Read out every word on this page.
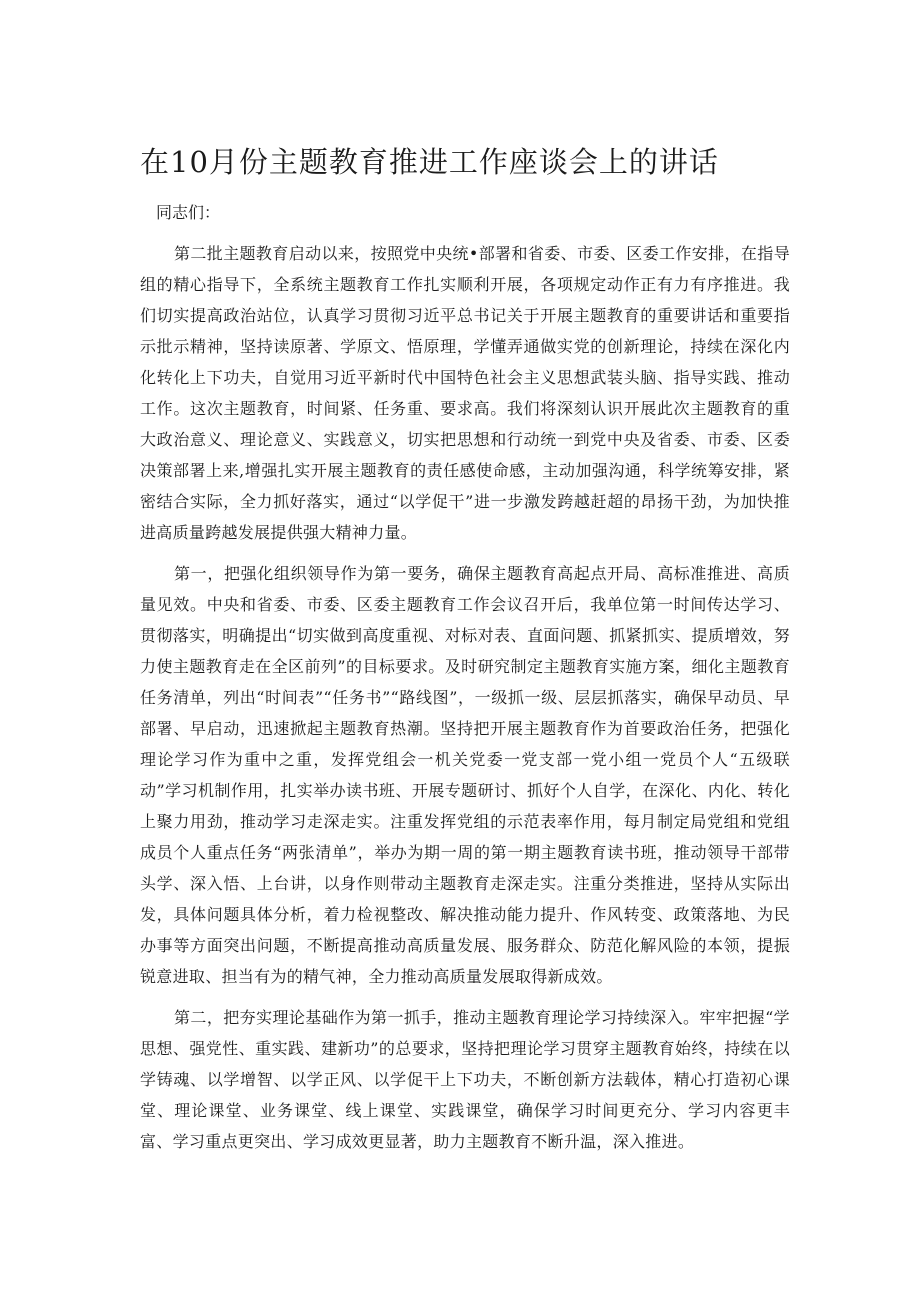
在10月份主题教育推进工作座谈会上的讲话

同志们：

第二批主题教育启动以来，按照党中央统•部署和省委、市委、区委工作安排，在指导组的精心指导下，全系统主题教育工作扎实顺利开展，各项规定动作正有力有序推进。我们切实提高政治站位，认真学习贯彻习近平总书记关于开展主题教育的重要讲话和重要指示批示精神，坚持读原著、学原文、悟原理，学懂弄通做实党的创新理论，持续在深化内化转化上下功夫，自觉用习近平新时代中国特色社会主义思想武装头脑、指导实践、推动工作。这次主题教育，时间紧、任务重、要求高。我们将深刻认识开展此次主题教育的重大政治意义、理论意义、实践意义，切实把思想和行动统一到党中央及省委、市委、区委决策部署上来,增强扎实开展主题教育的责任感使命感，主动加强沟通，科学统筹安排，紧密结合实际，全力抓好落实，通过“以学促干”进一步激发跨越赶超的昂扬干劲，为加快推进高质量跨越发展提供强大精神力量。

第一，把强化组织领导作为第一要务，确保主题教育高起点开局、高标准推进、高质量见效。中央和省委、市委、区委主题教育工作会议召开后，我单位第一时间传达学习、贯彻落实，明确提出“切实做到高度重视、对标对表、直面问题、抓紧抓实、提质增效，努力使主题教育走在全区前列”的目标要求。及时研究制定主题教育实施方案，细化主题教育任务清单，列出“时间表”“任务书”“路线图”，一级抓一级、层层抓落实，确保早动员、早部署、早启动，迅速掀起主题教育热潮。坚持把开展主题教育作为首要政治任务，把强化理论学习作为重中之重，发挥党组会一机关党委一党支部一党小组一党员个人“五级联动”学习机制作用，扎实举办读书班、开展专题研讨、抓好个人自学，在深化、内化、转化上聚力用劲，推动学习走深走实。注重发挥党组的示范表率作用，每月制定局党组和党组成员个人重点任务“两张清单”，举办为期一周的第一期主题教育读书班，推动领导干部带头学、深入悟、上台讲，以身作则带动主题教育走深走实。注重分类推进，坚持从实际出发，具体问题具体分析，着力检视整改、解决推动能力提升、作风转变、政策落地、为民办事等方面突出问题，不断提高推动高质量发展、服务群众、防范化解风险的本领，提振锐意进取、担当有为的精气神，全力推动高质量发展取得新成效。

第二，把夯实理论基础作为第一抓手，推动主题教育理论学习持续深入。牢牢把握“学思想、强党性、重实践、建新功”的总要求，坚持把理论学习贯穿主题教育始终，持续在以学铸魂、以学增智、以学正风、以学促干上下功夫，不断创新方法载体，精心打造初心课堂、理论课堂、业务课堂、线上课堂、实践课堂，确保学习时间更充分、学习内容更丰富、学习重点更突出、学习成效更显著，助力主题教育不断升温，深入推进。
